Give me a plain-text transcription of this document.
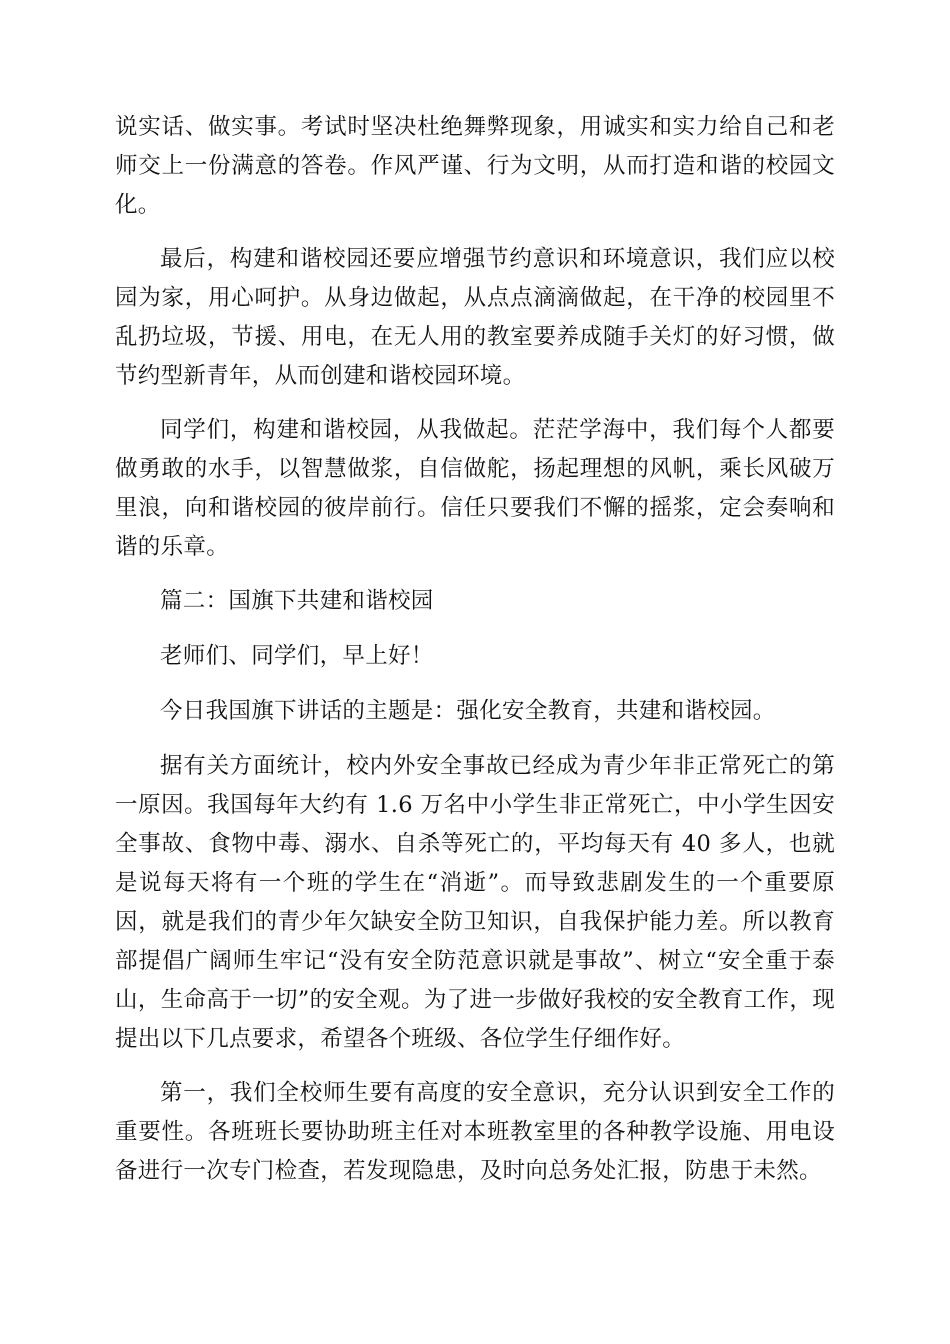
说实话、做实事。考试时坚决杜绝舞弊现象，用诚实和实力给自己和老师交上一份满意的答卷。作风严谨、行为文明，从而打造和谐的校园文化。

最后，构建和谐校园还要应增强节约意识和环境意识，我们应以校园为家，用心呵护。从身边做起，从点点滴滴做起，在干净的校园里不乱扔垃圾，节援、用电，在无人用的教室要养成随手关灯的好习惯，做节约型新青年，从而创建和谐校园环境。

同学们，构建和谐校园，从我做起。茫茫学海中，我们每个人都要做勇敢的水手，以智慧做浆，自信做舵，扬起理想的风帆，乘长风破万里浪，向和谐校园的彼岸前行。信任只要我们不懈的摇浆，定会奏响和谐的乐章。

篇二：国旗下共建和谐校园

老师们、同学们，早上好！

今日我国旗下讲话的主题是：强化安全教育，共建和谐校园。

据有关方面统计，校内外安全事故已经成为青少年非正常死亡的第一原因。我国每年大约有 1.6 万名中小学生非正常死亡，中小学生因安全事故、食物中毒、溺水、自杀等死亡的，平均每天有 40 多人，也就是说每天将有一个班的学生在“消逝”。而导致悲剧发生的一个重要原因，就是我们的青少年欠缺安全防卫知识，自我保护能力差。所以教育部提倡广阔师生牢记“没有安全防范意识就是事故”、树立“安全重于泰山，生命高于一切”的安全观。为了进一步做好我校的安全教育工作，现提出以下几点要求，希望各个班级、各位学生仔细作好。

第一，我们全校师生要有高度的安全意识，充分认识到安全工作的重要性。各班班长要协助班主任对本班教室里的各种教学设施、用电设备进行一次专门检查，若发现隐患，及时向总务处汇报，防患于未然。
